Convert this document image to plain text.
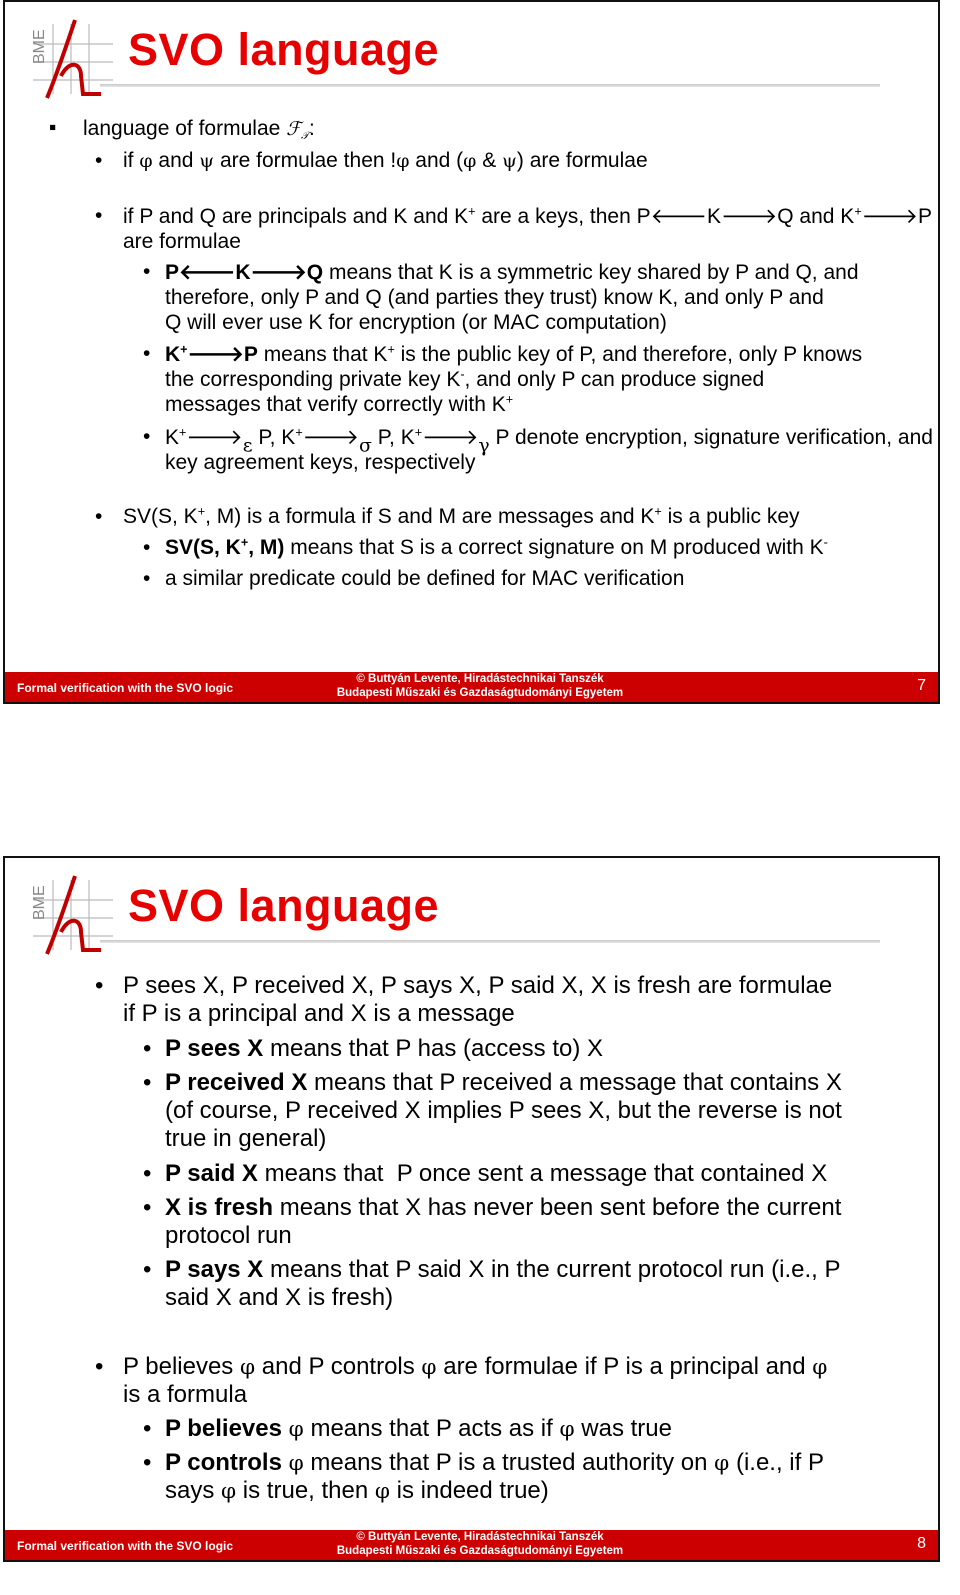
BME SVO language
▪ language of formulae ℱ$_𝒯$:
• if φ and ψ are formulae then !φ and (φ & ψ) are formulae
• if P and Q are principals and K and K+ are a keys, then P🡐K🡒Q and K+🡒P
are formulae
• P🡐K🡒Q means that K is a symmetric key shared by P and Q, and
therefore, only P and Q (and parties they trust) know K, and only P and
Q will ever use K for encryption (or MAC computation)
• K+🡒P means that K+ is the public key of P, and therefore, only P knows
the corresponding private key K-, and only P can produce signed
messages that verify correctly with K+
• $K^+🡒_\varepsilon$ P, $K^+🡒_\sigma$ P, $K^+🡒_\gamma$ P denote encryption, signature verification, and
key agreement keys, respectively
• SV(S, K+, M) is a formula if S and M are messages and K+ is a public key
• SV(S, K+, M) means that S is a correct signature on M produced with K-
• a similar predicate could be defined for MAC verification
Formal verification with the SVO logic
© Buttyán Levente, Hiradástechnikai Tanszék
Budapesti Műszaki és Gazdaságtudományi Egyetem	7
BME SVO language
• P sees X, P received X, P says X, P said X, X is fresh are formulae
if P is a principal and X is a message
• P sees X means that P has (access to) X
• P received X means that P received a message that contains X
(of course, P received X implies P sees X, but the reverse is not
true in general)
• P said X means that  P once sent a message that contained X
• X is fresh means that X has never been sent before the current
protocol run
• P says X means that P said X in the current protocol run (i.e., P
said X and X is fresh)
• P believes φ and P controls φ are formulae if P is a principal and φ
is a formula
• P believes φ means that P acts as if φ was true
• P controls φ means that P is a trusted authority on φ (i.e., if P
says φ is true, then φ is indeed true)
Formal verification with the SVO logic
© Buttyán Levente, Hiradástechnikai Tanszék
Budapesti Műszaki és Gazdaságtudományi Egyetem	8
